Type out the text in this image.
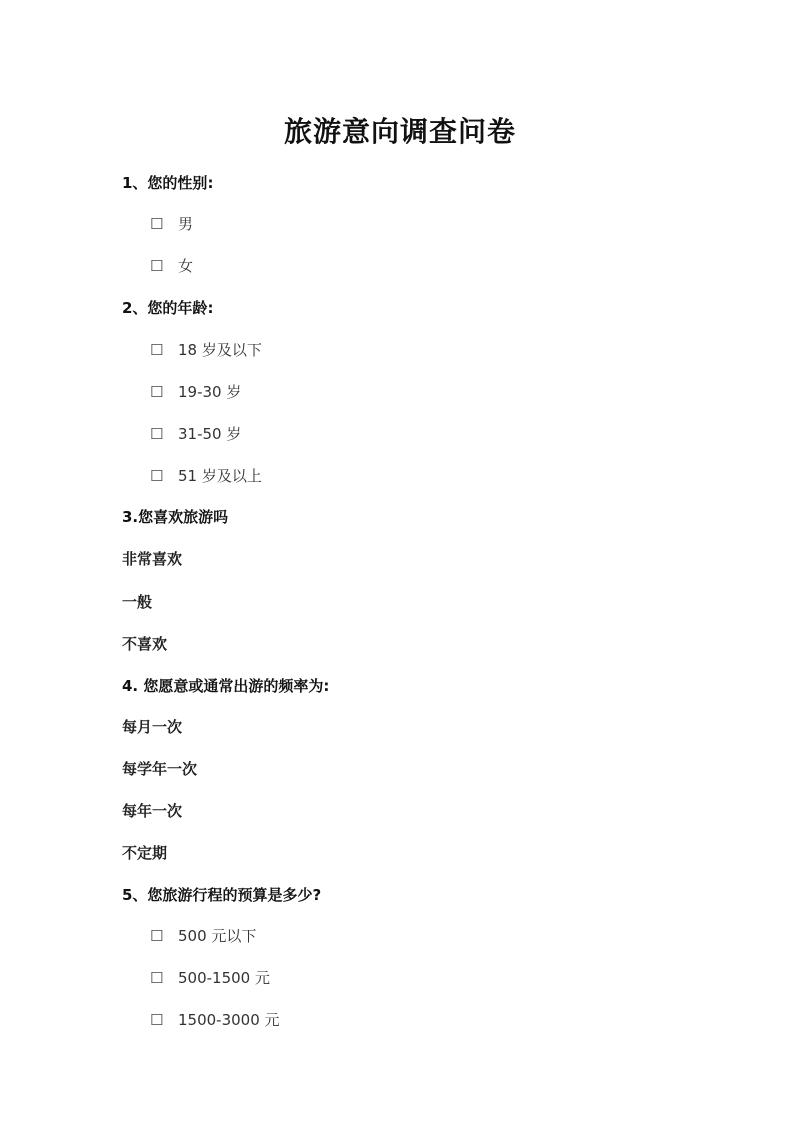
旅游意向调查问卷
1、您的性别:
☐ 男
☐ 女
2、您的年龄:
☐ 18 岁及以下
☐ 19-30 岁
☐ 31-50 岁
☐ 51 岁及以上
3.您喜欢旅游吗
非常喜欢
一般
不喜欢
4. 您愿意或通常出游的频率为:
每月一次
每学年一次
每年一次
不定期
5、您旅游行程的预算是多少?
☐ 500 元以下
☐ 500-1500 元
☐ 1500-3000 元
